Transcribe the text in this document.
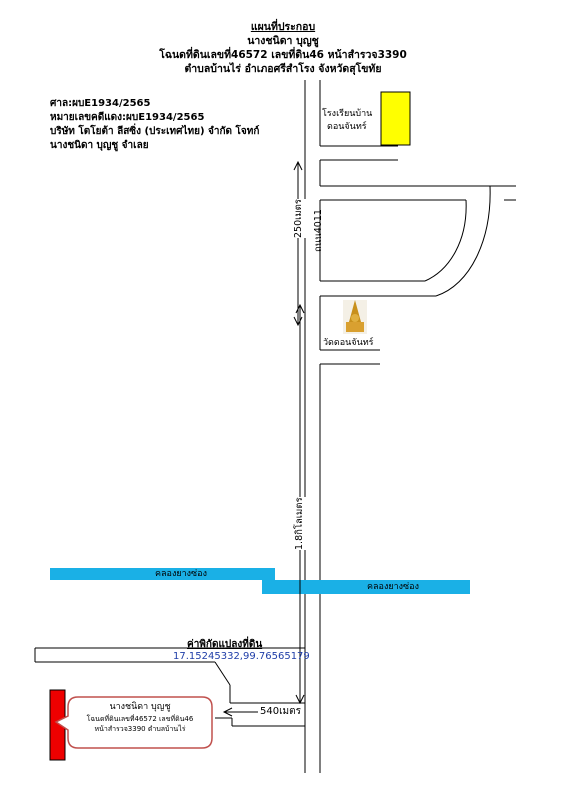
แผนที่ประกอบ
นางชนิดา บุญชู
โฉนดที่ดินเลขที่46572 เลขที่ดิน46 หน้าสำรวจ3390
ตำบลบ้านไร่ อำเภอศรีสำโรง จังหวัดสุโขทัย
ศาล:ผบE1934/2565
หมายเลขคดีแดง:ผบE1934/2565
บริษัท โตโยต้า ลีสซิ่ง (ประเทศไทย) จำกัด โจทก์
นางชนิดา บุญชู จำเลย
โรงเรียนบ้าน
ดอนจันทร์
วัดดอนจันทร์
ถนน4011
คลองยางซ่อง
คลองยางซ่อง
250เมตร
1.8กิโลเมตร
540เมตร
ค่าพิกัดแปลงที่ดิน
17.15245332,99.76565179
นางชนิดา บุญชู
โฉนดที่ดินเลขที่46572 เลขที่ดิน46
หน้าสำรวจ3390 ตำบลบ้านไร่
